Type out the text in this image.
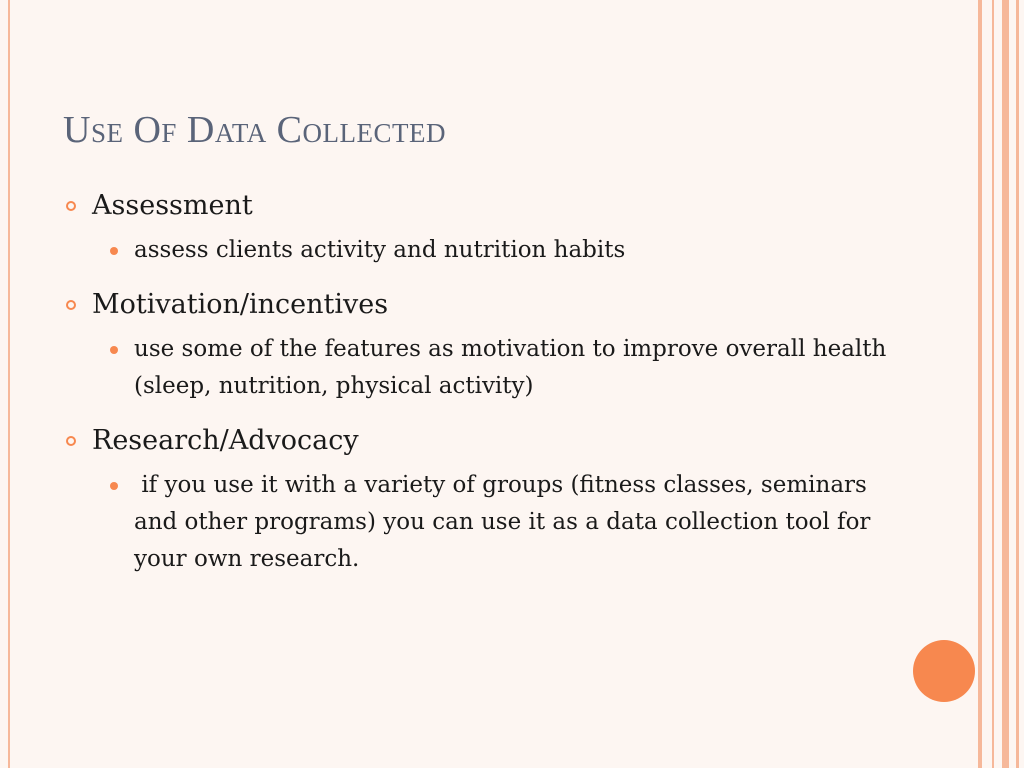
Use Of Data Collected
Assessment
assess clients activity and nutrition habits
Motivation/incentives
use some of the features as motivation to improve overall health (sleep, nutrition, physical activity)
Research/Advocacy
if you use it with a variety of groups (fitness classes, seminars and other programs) you can use it as a data collection tool for your own research.
